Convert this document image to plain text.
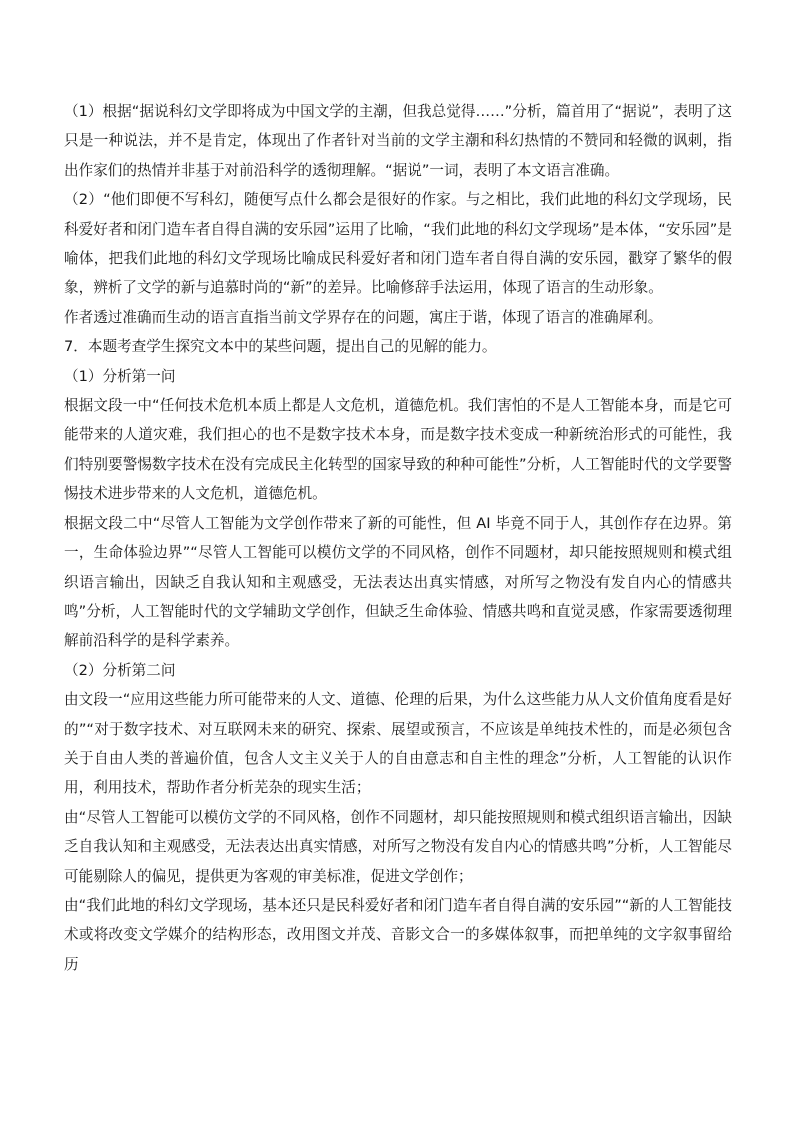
（1）根据“据说科幻文学即将成为中国文学的主潮，但我总觉得……”分析，篇首用了“据说”，表明了这只是一种说法，并不是肯定，体现出了作者针对当前的文学主潮和科幻热情的不赞同和轻微的讽刺，指出作家们的热情并非基于对前沿科学的透彻理解。“据说”一词，表明了本文语言准确。

（2）“他们即便不写科幻，随便写点什么都会是很好的作家。与之相比，我们此地的科幻文学现场，民科爱好者和闭门造车者自得自满的安乐园”运用了比喻，“我们此地的科幻文学现场”是本体，“安乐园”是喻体，把我们此地的科幻文学现场比喻成民科爱好者和闭门造车者自得自满的安乐园，戳穿了繁华的假象，辨析了文学的新与追慕时尚的“新”的差异。比喻修辞手法运用，体现了语言的生动形象。

作者透过准确而生动的语言直指当前文学界存在的问题，寓庄于谐，体现了语言的准确犀利。

7．本题考查学生探究文本中的某些问题，提出自己的见解的能力。

（1）分析第一问

根据文段一中“任何技术危机本质上都是人文危机，道德危机。我们害怕的不是人工智能本身，而是它可能带来的人道灾难，我们担心的也不是数字技术本身，而是数字技术变成一种新统治形式的可能性，我们特别要警惕数字技术在没有完成民主化转型的国家导致的种种可能性”分析，人工智能时代的文学要警惕技术进步带来的人文危机，道德危机。

根据文段二中“尽管人工智能为文学创作带来了新的可能性，但 AI 毕竟不同于人，其创作存在边界。第一，生命体验边界”“尽管人工智能可以模仿文学的不同风格，创作不同题材，却只能按照规则和模式组织语言输出，因缺乏自我认知和主观感受，无法表达出真实情感，对所写之物没有发自内心的情感共鸣”分析，人工智能时代的文学辅助文学创作，但缺乏生命体验、情感共鸣和直觉灵感，作家需要透彻理解前沿科学的是科学素养。

（2）分析第二问

由文段一“应用这些能力所可能带来的人文、道德、伦理的后果，为什么这些能力从人文价值角度看是好的”“对于数字技术、对互联网未来的研究、探索、展望或预言，不应该是单纯技术性的，而是必须包含关于自由人类的普遍价值，包含人文主义关于人的自由意志和自主性的理念”分析，人工智能的认识作用，利用技术，帮助作者分析芜杂的现实生活；

由“尽管人工智能可以模仿文学的不同风格，创作不同题材，却只能按照规则和模式组织语言输出，因缺乏自我认知和主观感受，无法表达出真实情感，对所写之物没有发自内心的情感共鸣”分析，人工智能尽可能剔除人的偏见，提供更为客观的审美标准，促进文学创作；

由“我们此地的科幻文学现场，基本还只是民科爱好者和闭门造车者自得自满的安乐园”“新的人工智能技术或将改变文学媒介的结构形态，改用图文并茂、音影文合一的多媒体叙事，而把单纯的文字叙事留给历
